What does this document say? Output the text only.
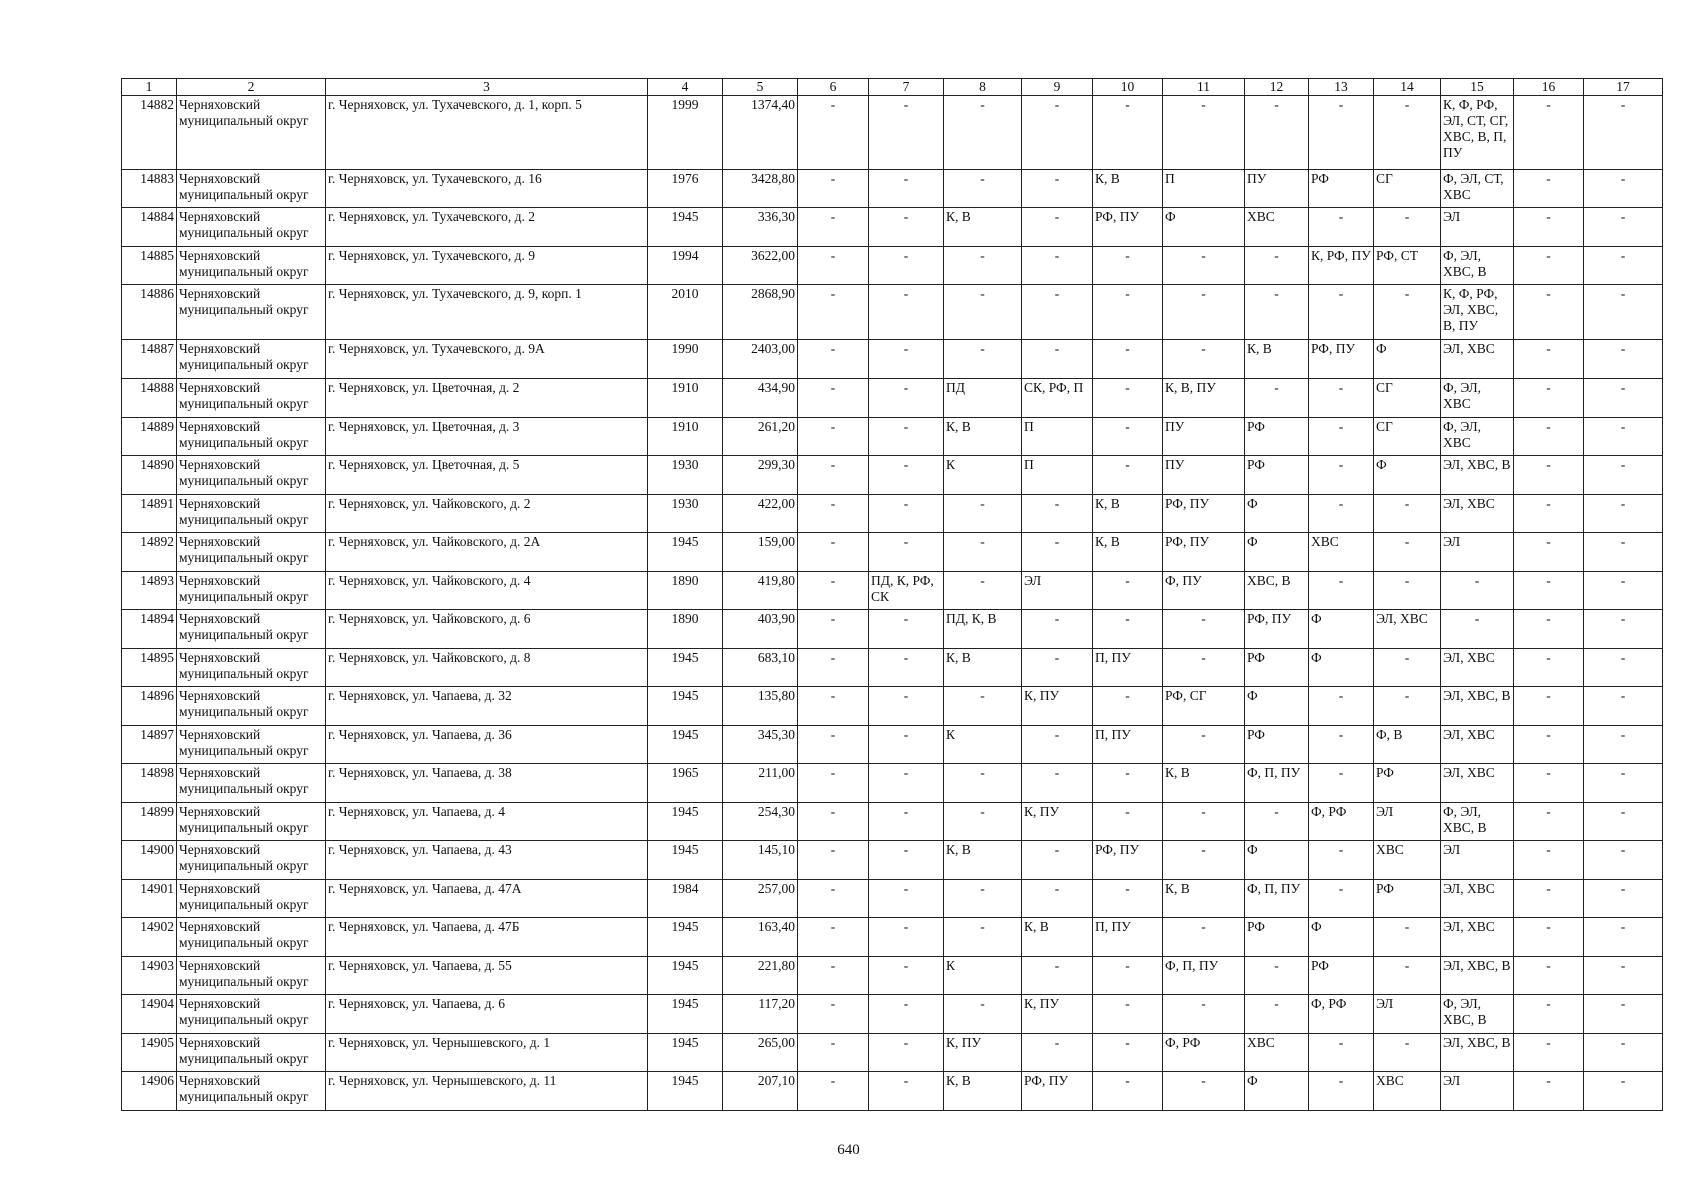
1	2	3	4	5	6	7	8	9	10	11	12	13	14	15	16	17
14882	Черняховский муниципальный округ	г. Черняховск, ул. Тухачевского, д. 1, корп. 5	1999	1374,40	-	-	-	-	-	-	-	-	-	К, Ф, РФ, ЭЛ, СТ, СГ, ХВС, В, П, ПУ	-	-
14883	Черняховский муниципальный округ	г. Черняховск, ул. Тухачевского, д. 16	1976	3428,80	-	-	-	-	К, В	П	ПУ	РФ	СГ	Ф, ЭЛ, СТ, ХВС	-	-
14884	Черняховский муниципальный округ	г. Черняховск, ул. Тухачевского, д. 2	1945	336,30	-	-	К, В	-	РФ, ПУ	Ф	ХВС	-	-	ЭЛ	-	-
14885	Черняховский муниципальный округ	г. Черняховск, ул. Тухачевского, д. 9	1994	3622,00	-	-	-	-	-	-	-	К, РФ, ПУ	РФ, СТ	Ф, ЭЛ, ХВС, В	-	-
14886	Черняховский муниципальный округ	г. Черняховск, ул. Тухачевского, д. 9, корп. 1	2010	2868,90	-	-	-	-	-	-	-	-	-	К, Ф, РФ, ЭЛ, ХВС, В, ПУ	-	-
14887	Черняховский муниципальный округ	г. Черняховск, ул. Тухачевского, д. 9А	1990	2403,00	-	-	-	-	-	-	К, В	РФ, ПУ	Ф	ЭЛ, ХВС	-	-
14888	Черняховский муниципальный округ	г. Черняховск, ул. Цветочная, д. 2	1910	434,90	-	-	ПД	СК, РФ, П	-	К, В, ПУ	-	-	СГ	Ф, ЭЛ, ХВС	-	-
14889	Черняховский муниципальный округ	г. Черняховск, ул. Цветочная, д. 3	1910	261,20	-	-	К, В	П	-	ПУ	РФ	-	СГ	Ф, ЭЛ, ХВС	-	-
14890	Черняховский муниципальный округ	г. Черняховск, ул. Цветочная, д. 5	1930	299,30	-	-	К	П	-	ПУ	РФ	-	Ф	ЭЛ, ХВС, В	-	-
14891	Черняховский муниципальный округ	г. Черняховск, ул. Чайковского, д. 2	1930	422,00	-	-	-	-	К, В	РФ, ПУ	Ф	-	-	ЭЛ, ХВС	-	-
14892	Черняховский муниципальный округ	г. Черняховск, ул. Чайковского, д. 2А	1945	159,00	-	-	-	-	К, В	РФ, ПУ	Ф	ХВС	-	ЭЛ	-	-
14893	Черняховский муниципальный округ	г. Черняховск, ул. Чайковского, д. 4	1890	419,80	-	ПД, К, РФ, СК	-	ЭЛ	-	Ф, ПУ	ХВС, В	-	-	-	-	-
14894	Черняховский муниципальный округ	г. Черняховск, ул. Чайковского, д. 6	1890	403,90	-	-	ПД, К, В	-	-	-	РФ, ПУ	Ф	ЭЛ, ХВС	-	-	-
14895	Черняховский муниципальный округ	г. Черняховск, ул. Чайковского, д. 8	1945	683,10	-	-	К, В	-	П, ПУ	-	РФ	Ф	-	ЭЛ, ХВС	-	-
14896	Черняховский муниципальный округ	г. Черняховск, ул. Чапаева, д. 32	1945	135,80	-	-	-	К, ПУ	-	РФ, СГ	Ф	-	-	ЭЛ, ХВС, В	-	-
14897	Черняховский муниципальный округ	г. Черняховск, ул. Чапаева, д. 36	1945	345,30	-	-	К	-	П, ПУ	-	РФ	-	Ф, В	ЭЛ, ХВС	-	-
14898	Черняховский муниципальный округ	г. Черняховск, ул. Чапаева, д. 38	1965	211,00	-	-	-	-	-	К, В	Ф, П, ПУ	-	РФ	ЭЛ, ХВС	-	-
14899	Черняховский муниципальный округ	г. Черняховск, ул. Чапаева, д. 4	1945	254,30	-	-	-	К, ПУ	-	-	-	Ф, РФ	ЭЛ	Ф, ЭЛ, ХВС, В	-	-
14900	Черняховский муниципальный округ	г. Черняховск, ул. Чапаева, д. 43	1945	145,10	-	-	К, В	-	РФ, ПУ	-	Ф	-	ХВС	ЭЛ	-	-
14901	Черняховский муниципальный округ	г. Черняховск, ул. Чапаева, д. 47А	1984	257,00	-	-	-	-	-	К, В	Ф, П, ПУ	-	РФ	ЭЛ, ХВС	-	-
14902	Черняховский муниципальный округ	г. Черняховск, ул. Чапаева, д. 47Б	1945	163,40	-	-	-	К, В	П, ПУ	-	РФ	Ф	-	ЭЛ, ХВС	-	-
14903	Черняховский муниципальный округ	г. Черняховск, ул. Чапаева, д. 55	1945	221,80	-	-	К	-	-	Ф, П, ПУ	-	РФ	-	ЭЛ, ХВС, В	-	-
14904	Черняховский муниципальный округ	г. Черняховск, ул. Чапаева, д. 6	1945	117,20	-	-	-	К, ПУ	-	-	-	Ф, РФ	ЭЛ	Ф, ЭЛ, ХВС, В	-	-
14905	Черняховский муниципальный округ	г. Черняховск, ул. Чернышевского, д. 1	1945	265,00	-	-	К, ПУ	-	-	Ф, РФ	ХВС	-	-	ЭЛ, ХВС, В	-	-
14906	Черняховский муниципальный округ	г. Черняховск, ул. Чернышевского, д. 11	1945	207,10	-	-	К, В	РФ, ПУ	-	-	Ф	-	ХВС	ЭЛ	-	-
640
